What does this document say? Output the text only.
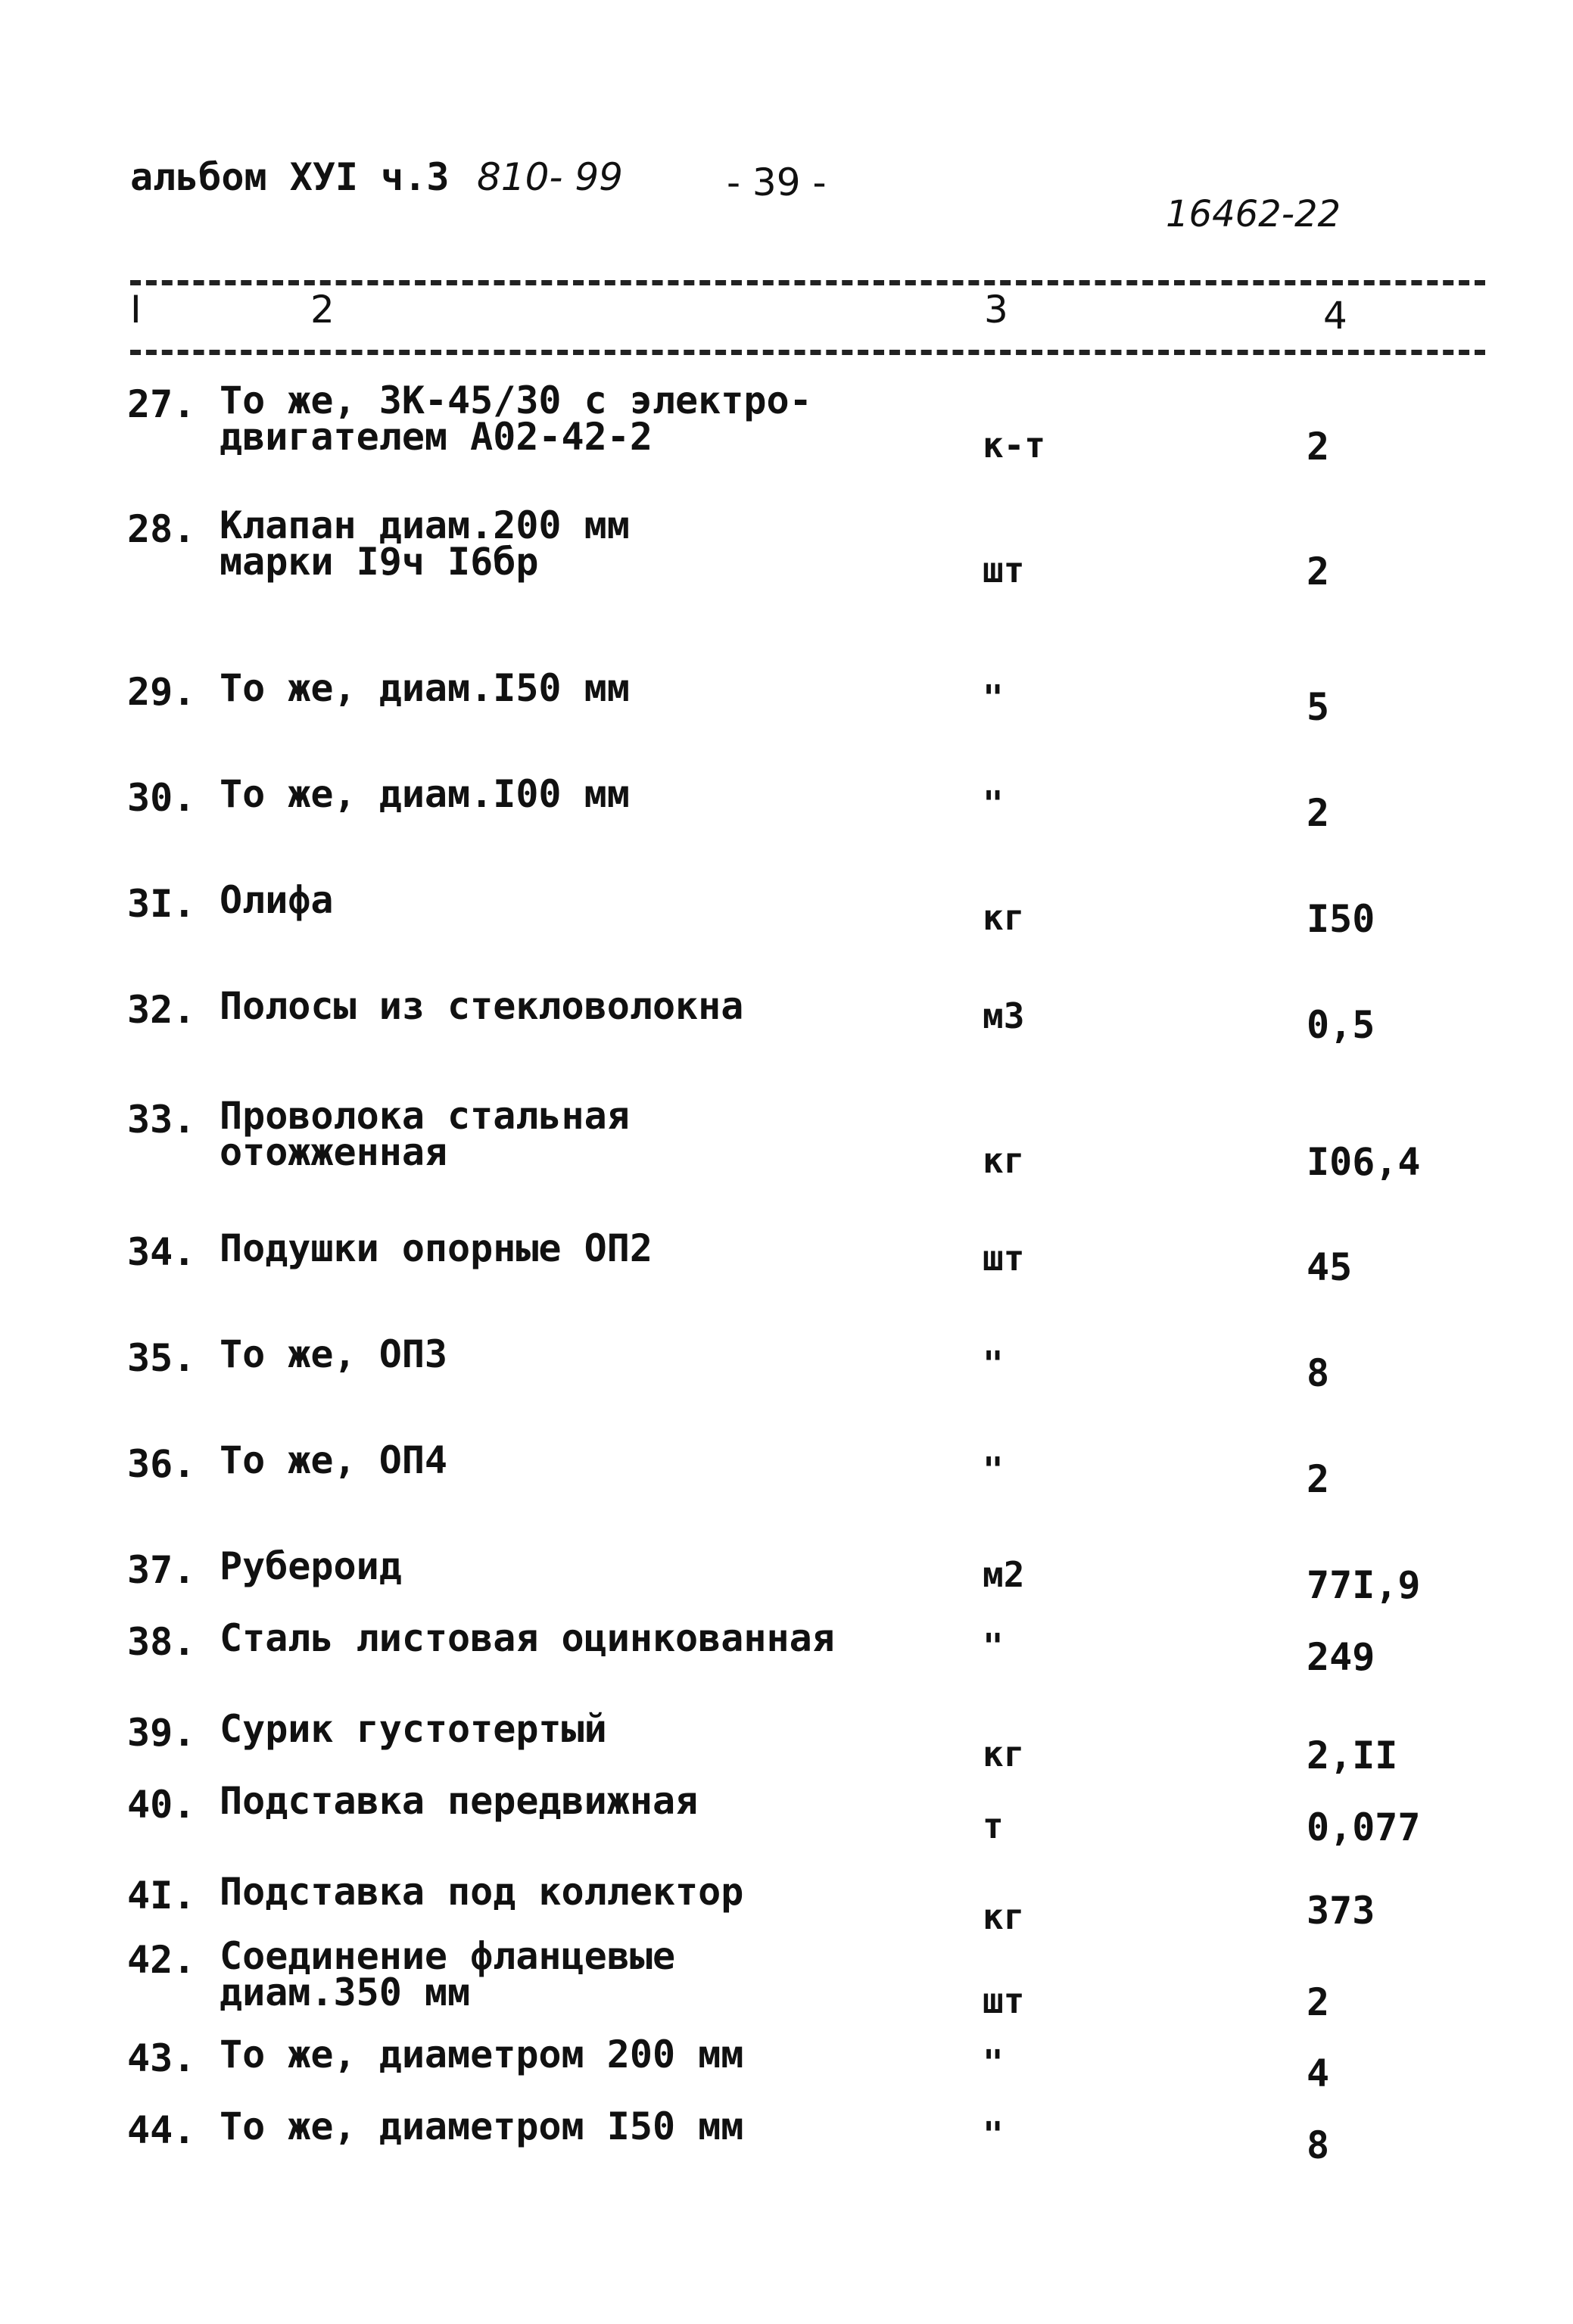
альбом ХУI ч.3 810- 99	- 39 -
16462-22
I	2	3	4
27. То же, 3К-45/30 с электро-
двигателем А02-42-2	к-т	2
28. Клапан диам.200 мм
марки I9ч I6бр	шт	2
29. То же, диам.I50 мм	"	5
30. То же, диам.I00 мм	"	2
3I. Олифа	кг	I50
32. Полосы из стекловолокна	м3	0,5
33. Проволока стальная
отожженная	кг	I06,4
34. Подушки опорные ОП2	шт	45
35. То же, ОП3	"	8
36. То же, ОП4	"	2
37. Рубероид	м2	77I,9
38. Сталь листовая оцинкованная	"	249
39. Сурик густотертый
кг	2,II
40. Подставка передвижная
т	0,077
4I. Подставка под коллектор
кг	373
42. Соединение фланцевые
диам.350 мм	шт	2
43. То же, диаметром 200 мм	"	4
44. То же, диаметром I50 мм	"	8
